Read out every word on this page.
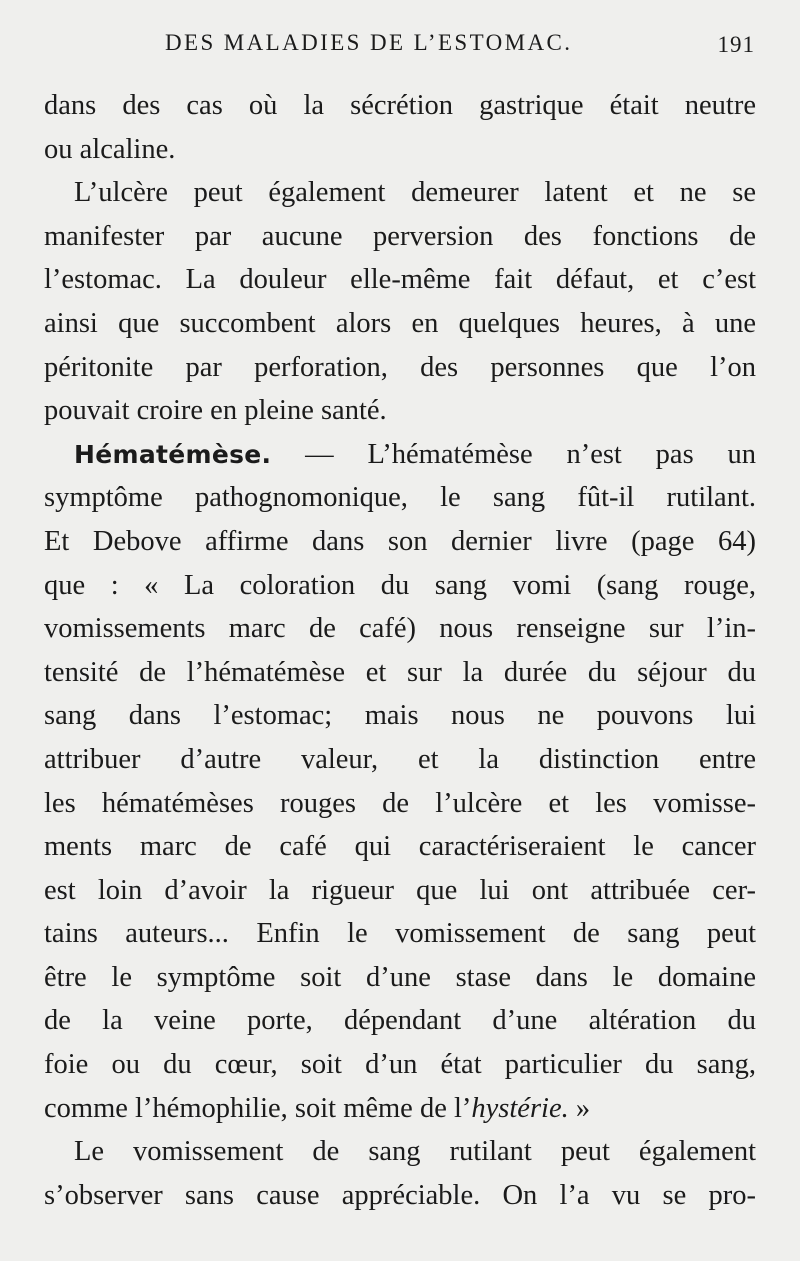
DES MALADIES DE L’ESTOMAC.	191
dans des cas où la sécrétion gastrique était neutre
ou alcaline.
L’ulcère peut également demeurer latent et ne se
manifester par aucune perversion des fonctions de
l’estomac. La douleur elle-même fait défaut, et c’est
ainsi que succombent alors en quelques heures, à une
péritonite par perforation, des personnes que l’on
pouvait croire en pleine santé.
Hématémèse. — L’hématémèse n’est pas un
symptôme pathognomonique, le sang fût-il rutilant.
Et Debove affirme dans son dernier livre (page 64)
que : « La coloration du sang vomi (sang rouge,
vomissements marc de café) nous renseigne sur l’in-
tensité de l’hématémèse et sur la durée du séjour du
sang dans l’estomac; mais nous ne pouvons lui
attribuer d’autre valeur, et la distinction entre
les hématémèses rouges de l’ulcère et les vomisse-
ments marc de café qui caractériseraient le cancer
est loin d’avoir la rigueur que lui ont attribuée cer-
tains auteurs... Enfin le vomissement de sang peut
être le symptôme soit d’une stase dans le domaine
de la veine porte, dépendant d’une altération du
foie ou du cœur, soit d’un état particulier du sang,
comme l’hémophilie, soit même de l’hystérie. »
Le vomissement de sang rutilant peut également
s’observer sans cause appréciable. On l’a vu se pro-
